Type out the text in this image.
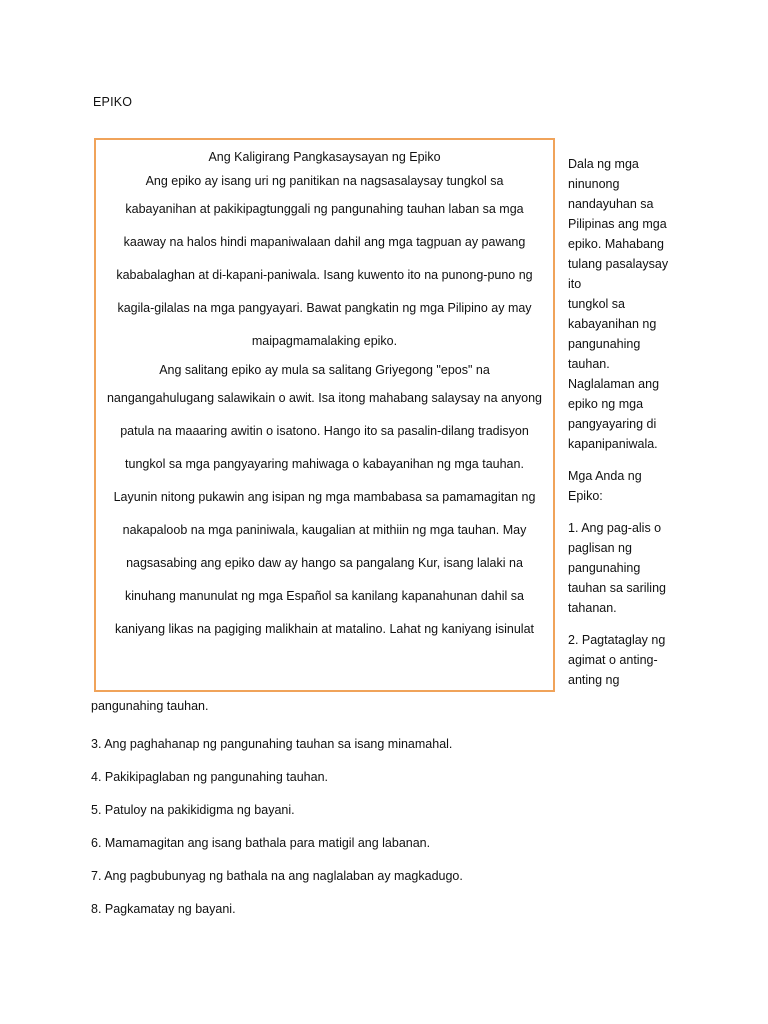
EPIKO

Ang Kaligirang Pangkasaysayan ng Epiko

Ang epiko ay isang uri ng panitikan na nagsasalaysay tungkol sa

kabayanihan at pakikipagtunggali ng pangunahing tauhan laban sa mga

kaaway na halos hindi mapaniwalaan dahil ang mga tagpuan ay pawang

kababalaghan at di-kapani-paniwala. Isang kuwento ito na punong-puno ng

kagila-gilalas na mga pangyayari. Bawat pangkatin ng mga Pilipino ay may

maipagmamalaking epiko.

Ang salitang epiko ay mula sa salitang Griyegong "epos" na

nangangahulugang salawikain o awit. Isa itong mahabang salaysay na anyong

patula na maaaring awitin o isatono. Hango ito sa pasalin-dilang tradisyon

tungkol sa mga pangyayaring mahiwaga o kabayanihan ng mga tauhan.

Layunin nitong pukawin ang isipan ng mga mambabasa sa pamamagitan ng

nakapaloob na mga paniniwala, kaugalian at mithiin ng mga tauhan. May

nagsasabing ang epiko daw ay hango sa pangalang Kur, isang lalaki na

kinuhang manunulat ng mga Español sa kanilang kapanahunan dahil sa

kaniyang likas na pagiging malikhain at matalino. Lahat ng kaniyang isinulat

Dala ng mga
ninunong
nandayuhan sa
Pilipinas ang mga
epiko. Mahabang
tulang pasalaysay
ito
tungkol sa
kabayanihan ng
pangunahing
tauhan.
Naglalaman ang
epiko ng mga
pangyayaring di
kapanipaniwala.

Mga Anda ng
Epiko:

1. Ang pag-alis o
paglisan ng
pangunahing
tauhan sa sariling
tahanan.

2. Pagtataglay ng
agimat o anting-
anting ng

pangunahing tauhan.

3. Ang paghahanap ng pangunahing tauhan sa isang minamahal.

4. Pakikipaglaban ng pangunahing tauhan.

5. Patuloy na pakikidigma ng bayani.

6. Mamamagitan ang isang bathala para matigil ang labanan.

7. Ang pagbubunyag ng bathala na ang naglalaban ay magkadugo.

8. Pagkamatay ng bayani.
